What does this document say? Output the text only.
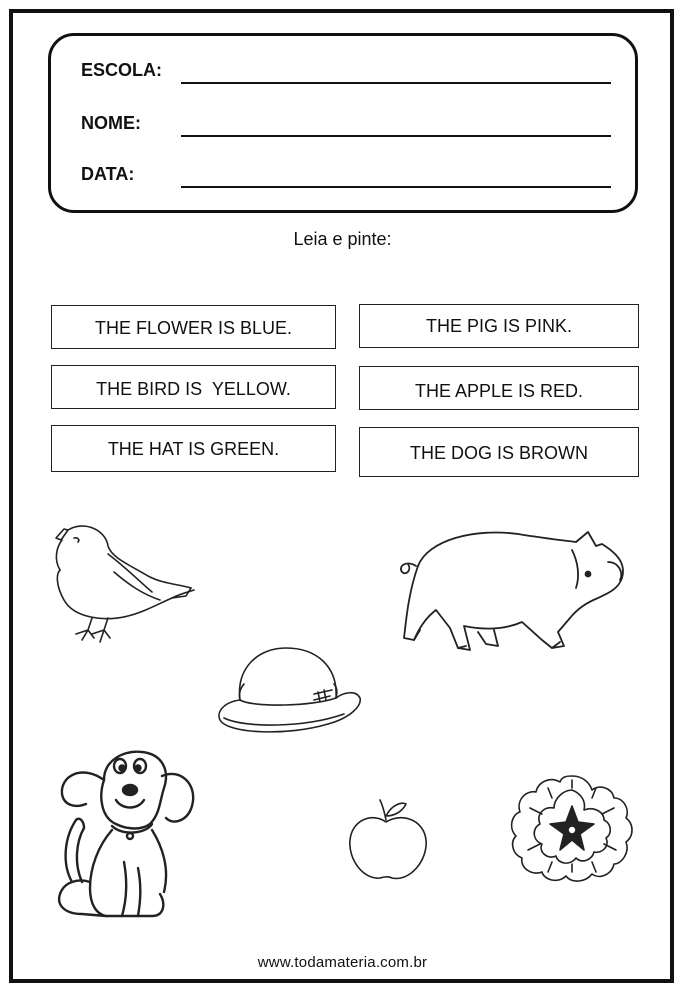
ESCOLA:
NOME:
DATA:
Leia e pinte:
THE FLOWER IS BLUE.	THE PIG IS PINK.
THE BIRD IS  YELLOW.	THE APPLE IS RED.
THE HAT IS GREEN.	THE DOG IS BROWN
www.todamateria.com.br
